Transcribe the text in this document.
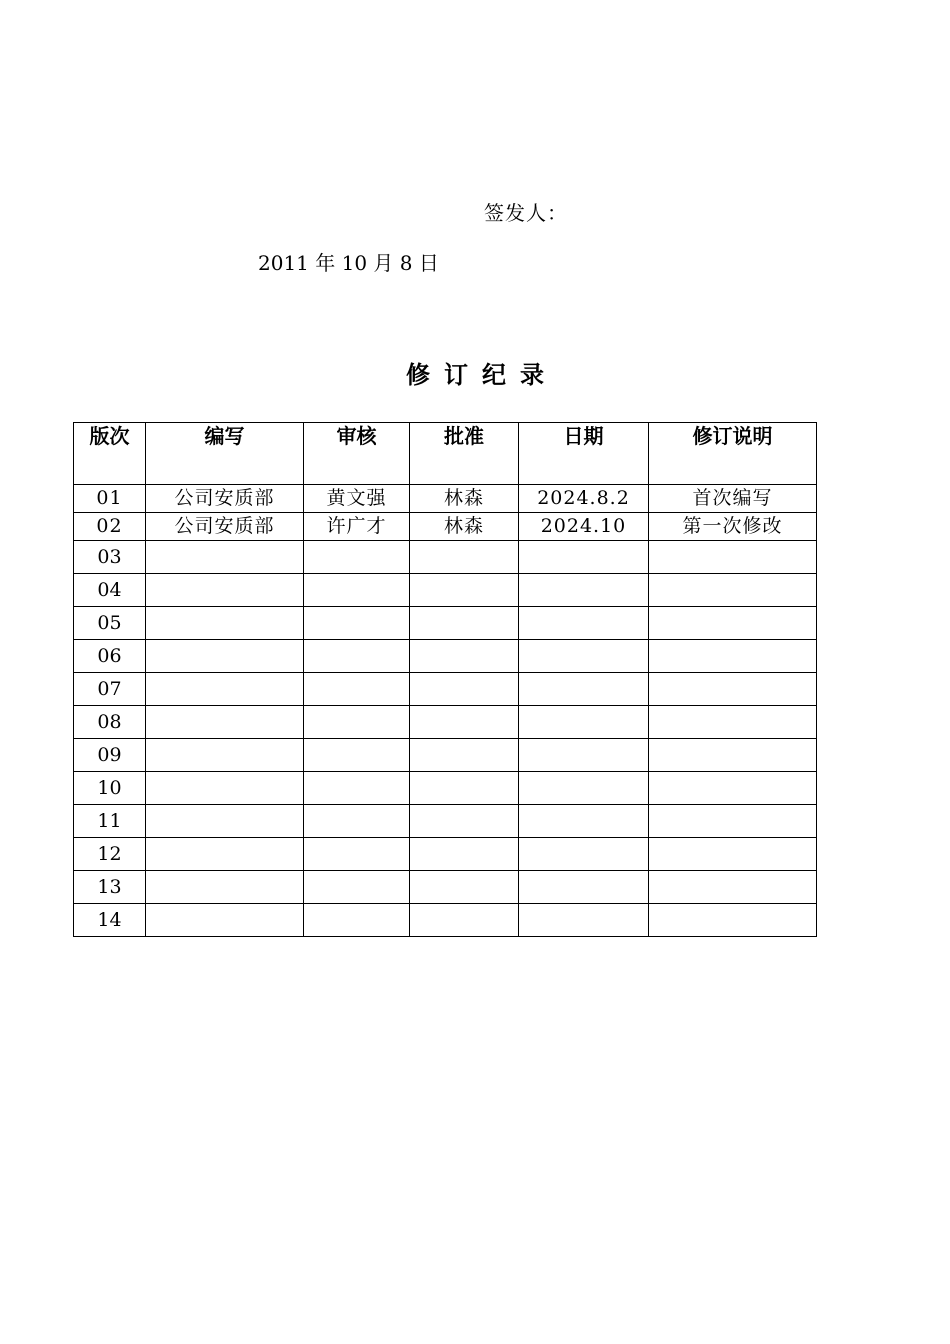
签发人：
2011 年 10 月 8 日
修订纪录
版次	编写	审核	批准	日期	修订说明
01	公司安质部	黄文强	林森	2024.8.2	首次编写
02	公司安质部	许广才	林森	2024.10	第一次修改
03					
04					
05					
06					
07					
08					
09					
10					
11					
12					
13					
14					
